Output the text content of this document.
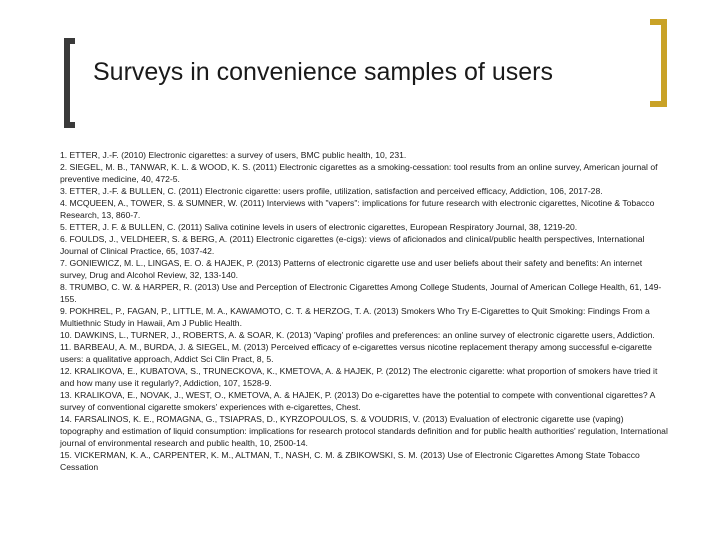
Surveys in convenience samples of users
1. ETTER, J.-F. (2010) Electronic cigarettes: a survey of users, BMC public health, 10, 231.
2. SIEGEL, M. B., TANWAR, K. L. & WOOD, K. S. (2011) Electronic cigarettes as a smoking-cessation: tool results from an online survey, American journal of preventive medicine, 40, 472-5.
3. ETTER, J.-F. & BULLEN, C. (2011) Electronic cigarette: users profile, utilization, satisfaction and perceived efficacy, Addiction, 106, 2017-28.
4. MCQUEEN, A., TOWER, S. & SUMNER, W. (2011) Interviews with "vapers": implications for future research with electronic cigarettes, Nicotine & Tobacco Research, 13, 860-7.
5. ETTER, J. F. & BULLEN, C. (2011) Saliva cotinine levels in users of electronic cigarettes, European Respiratory Journal, 38, 1219-20.
6. FOULDS, J., VELDHEER, S. & BERG, A. (2011) Electronic cigarettes (e-cigs): views of aficionados and clinical/public health perspectives, International Journal of Clinical Practice, 65, 1037-42.
7. GONIEWICZ, M. L., LINGAS, E. O. & HAJEK, P. (2013) Patterns of electronic cigarette use and user beliefs about their safety and benefits: An internet survey, Drug and Alcohol Review, 32, 133-140.
8. TRUMBO, C. W. & HARPER, R. (2013) Use and Perception of Electronic Cigarettes Among College Students, Journal of American College Health, 61, 149-155.
9. POKHREL, P., FAGAN, P., LITTLE, M. A., KAWAMOTO, C. T. & HERZOG, T. A. (2013) Smokers Who Try E-Cigarettes to Quit Smoking: Findings From a Multiethnic Study in Hawaii, Am J Public Health.
10. DAWKINS, L., TURNER, J., ROBERTS, A. & SOAR, K. (2013) 'Vaping' profiles and preferences: an online survey of electronic cigarette users, Addiction.
11. BARBEAU, A. M., BURDA, J. & SIEGEL, M. (2013) Perceived efficacy of e-cigarettes versus nicotine replacement therapy among successful e-cigarette users: a qualitative approach, Addict Sci Clin Pract, 8, 5.
12. KRALIKOVA, E., KUBATOVA, S., TRUNECKOVA, K., KMETOVA, A. & HAJEK, P. (2012) The electronic cigarette: what proportion of smokers have tried it and how many use it regularly?, Addiction, 107, 1528-9.
13. KRALIKOVA, E., NOVAK, J., WEST, O., KMETOVA, A. & HAJEK, P. (2013) Do e-cigarettes have the potential to compete with conventional cigarettes? A survey of conventional cigarette smokers' experiences with e-cigarettes, Chest.
14. FARSALINOS, K. E., ROMAGNA, G., TSIAPRAS, D., KYRZOPOULOS, S. & VOUDRIS, V. (2013) Evaluation of electronic cigarette use (vaping) topography and estimation of liquid consumption: implications for research protocol standards definition and for public health authorities' regulation, International journal of environmental research and public health, 10, 2500-14.
15. VICKERMAN, K. A., CARPENTER, K. M., ALTMAN, T., NASH, C. M. & ZBIKOWSKI, S. M. (2013) Use of Electronic Cigarettes Among State Tobacco Cessation
